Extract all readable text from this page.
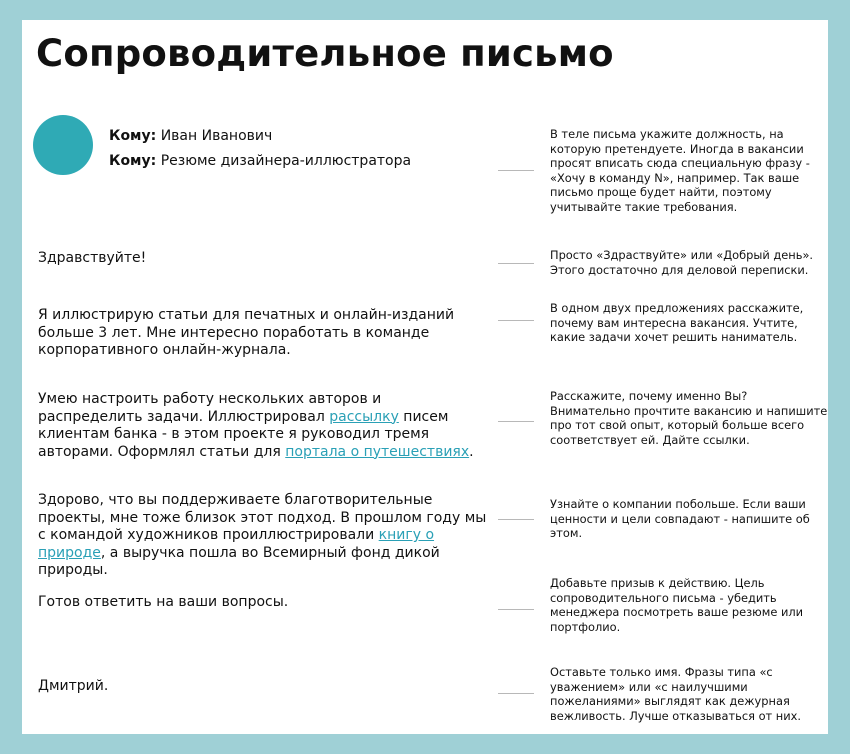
Сопроводительное письмо
Кому: Иван Иванович
Кому: Резюме дизайнера-иллюстратора
Здравствуйте!
Я иллюстрирую статьи для печатных и онлайн-изданий больше 3 лет. Мне интересно поработать в команде корпоративного онлайн-журнала.
Умею настроить работу нескольких авторов и распределить задачи. Иллюстрировал рассылку писем клиентам банка - в этом проекте я руководил тремя авторами. Оформлял статьи для портала о путешествиях.
Здорово, что вы поддерживаете благотворительные проекты, мне тоже близок этот подход. В прошлом году мы с командой художников проиллюстрировали книгу о природе, а выручка пошла во Всемирный фонд дикой природы.
Готов ответить на ваши вопросы.
Дмитрий.
В теле письма укажите должность, на которую претендуете. Иногда в вакансии просят вписать сюда специальную фразу - «Хочу в команду N», например. Так ваше письмо проще будет найти, поэтому учитывайте такие требования.
Просто «Здраствуйте» или «Добрый день». Этого достаточно для деловой переписки.
В одном двух предложениях расскажите, почему вам интересна вакансия. Учтите, какие задачи хочет решить наниматель.
Расскажите, почему именно Вы? Внимательно прочтите вакансию и напишите про тот свой опыт, который больше всего соответствует ей. Дайте ссылки.
Узнайте о компании побольше. Если ваши ценности и цели совпадают - напишите об этом.
Добавьте призыв к действию. Цель сопроводительного письма - убедить менеджера посмотреть ваше резюме или портфолио.
Оставьте только имя. Фразы типа «с уважением» или «с наилучшими пожеланиями» выглядят как дежурная вежливость. Лучше отказываться от них.
